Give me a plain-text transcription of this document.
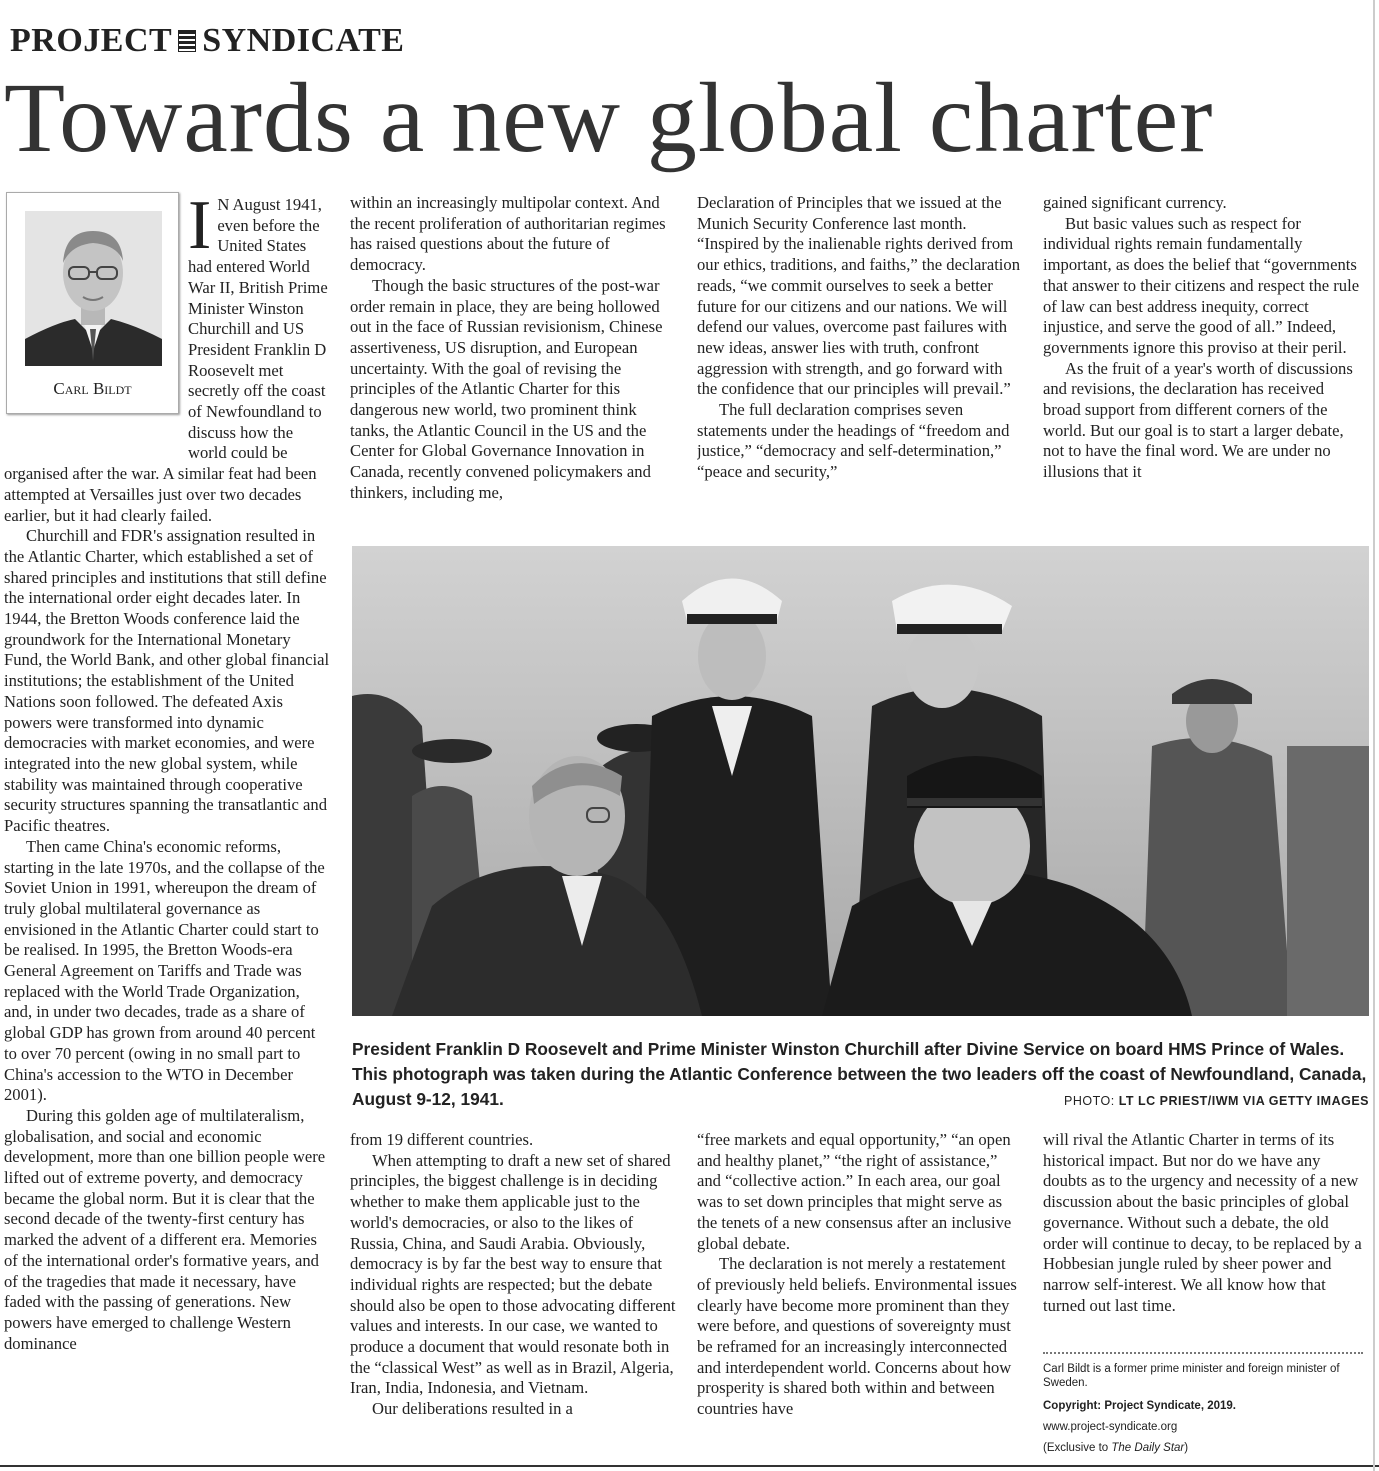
PROJECT SYNDICATE
Towards a new global charter
Carl Bildt

I N August 1941, even before the United States had entered World War II, British Prime Minister Winston Churchill and US President Franklin D Roosevelt met secretly off the coast of Newfoundland to discuss how the world could be organised after the war. A similar feat had been attempted at Versailles just over two decades earlier, but it had clearly failed.

Churchill and FDR's assignation resulted in the Atlantic Charter, which established a set of shared principles and institutions that still define the international order eight decades later. In 1944, the Bretton Woods conference laid the groundwork for the International Monetary Fund, the World Bank, and other global financial institutions; the establishment of the United Nations soon followed. The defeated Axis powers were transformed into dynamic democracies with market economies, and were integrated into the new global system, while stability was maintained through cooperative security structures spanning the transatlantic and Pacific theatres.

Then came China's economic reforms, starting in the late 1970s, and the collapse of the Soviet Union in 1991, whereupon the dream of truly global multilateral governance as envisioned in the Atlantic Charter could start to be realised. In 1995, the Bretton Woods-era General Agreement on Tariffs and Trade was replaced with the World Trade Organization, and, in under two decades, trade as a share of global GDP has grown from around 40 percent to over 70 percent (owing in no small part to China's accession to the WTO in December 2001).

During this golden age of multilateralism, globalisation, and social and economic development, more than one billion people were lifted out of extreme poverty, and democracy became the global norm. But it is clear that the second decade of the twenty-first century has marked the advent of a different era. Memories of the international order's formative years, and of the tragedies that made it necessary, have faded with the passing of generations. New powers have emerged to challenge Western dominance

within an increasingly multipolar context. And the recent proliferation of authoritarian regimes has raised questions about the future of democracy.

Though the basic structures of the post-war order remain in place, they are being hollowed out in the face of Russian revisionism, Chinese assertiveness, US disruption, and European uncertainty. With the goal of revising the principles of the Atlantic Charter for this dangerous new world, two prominent think tanks, the Atlantic Council in the US and the Center for Global Governance Innovation in Canada, recently convened policymakers and thinkers, including me,

Declaration of Principles that we issued at the Munich Security Conference last month. “Inspired by the inalienable rights derived from our ethics, traditions, and faiths,” the declaration reads, “we commit ourselves to seek a better future for our citizens and our nations. We will defend our values, overcome past failures with new ideas, answer lies with truth, confront aggression with strength, and go forward with the confidence that our principles will prevail.”

The full declaration comprises seven statements under the headings of “freedom and justice,” “democracy and self-determination,” “peace and security,”

gained significant currency.

But basic values such as respect for individual rights remain fundamentally important, as does the belief that “governments that answer to their citizens and respect the rule of law can best address inequity, correct injustice, and serve the good of all.” Indeed, governments ignore this proviso at their peril.

As the fruit of a year's worth of discussions and revisions, the declaration has received broad support from different corners of the world. But our goal is to start a larger debate, not to have the final word. We are under no illusions that it

President Franklin D Roosevelt and Prime Minister Winston Churchill after Divine Service on board HMS Prince of Wales. This photograph was taken during the Atlantic Conference between the two leaders off the coast of Newfoundland, Canada, August 9-12, 1941.	PHOTO: LT LC PRIEST/IWM VIA GETTY IMAGES

from 19 different countries.

When attempting to draft a new set of shared principles, the biggest challenge is in deciding whether to make them applicable just to the world's democracies, or also to the likes of Russia, China, and Saudi Arabia. Obviously, democracy is by far the best way to ensure that individual rights are respected; but the debate should also be open to those advocating different values and interests. In our case, we wanted to produce a document that would resonate both in the “classical West” as well as in Brazil, Algeria, Iran, India, Indonesia, and Vietnam.

Our deliberations resulted in a

“free markets and equal opportunity,” “an open and healthy planet,” “the right of assistance,” and “collective action.” In each area, our goal was to set down principles that might serve as the tenets of a new consensus after an inclusive global debate.

The declaration is not merely a restatement of previously held beliefs. Environmental issues clearly have become more prominent than they were before, and questions of sovereignty must be reframed for an increasingly interconnected and interdependent world. Concerns about how prosperity is shared both within and between countries have

will rival the Atlantic Charter in terms of its historical impact. But nor do we have any doubts as to the urgency and necessity of a new discussion about the basic principles of global governance. Without such a debate, the old order will continue to decay, to be replaced by a Hobbesian jungle ruled by sheer power and narrow self-interest. We all know how that turned out last time.

Carl Bildt is a former prime minister and foreign minister of Sweden.
Copyright: Project Syndicate, 2019.
www.project-syndicate.org
(Exclusive to The Daily Star)
